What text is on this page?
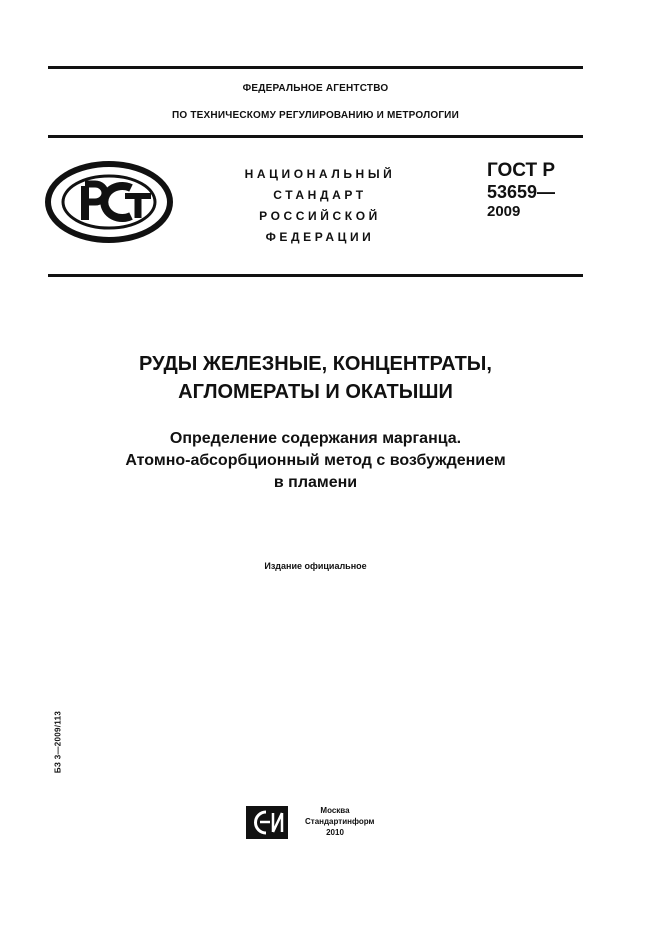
ФЕДЕРАЛЬНОЕ АГЕНТСТВО
ПО ТЕХНИЧЕСКОМУ РЕГУЛИРОВАНИЮ И МЕТРОЛОГИИ
НАЦИОНАЛЬНЫЙ
СТАНДАРТ
РОССИЙСКОЙ
ФЕДЕРАЦИИ
ГОСТ Р
53659—
2009
РУДЫ ЖЕЛЕЗНЫЕ, КОНЦЕНТРАТЫ,
АГЛОМЕРАТЫ И ОКАТЫШИ
Определение содержания марганца.
Атомно-абсорбционный метод с возбуждением
в пламени
Издание официальное
БЗ 3—2009/113
Москва
Стандартинформ
2010
